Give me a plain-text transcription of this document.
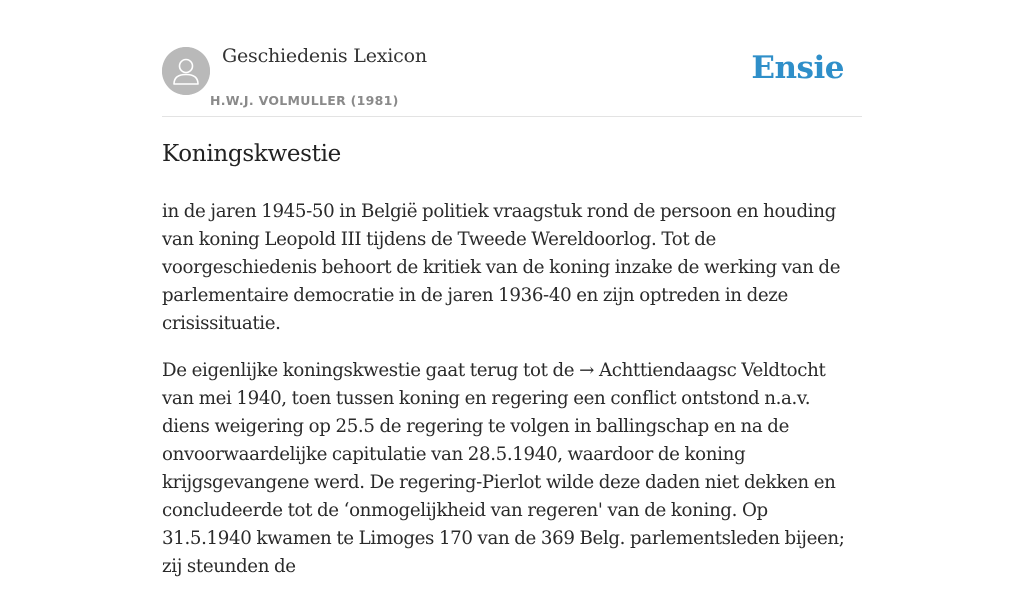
Geschiedenis Lexicon
H.W.J. VOLMULLER (1981)
Ensie
Koningskwestie

in de jaren 1945-50 in België politiek vraagstuk rond de persoon en houding van koning Leopold III tijdens de Tweede Wereldoorlog. Tot de voorgeschiedenis behoort de kritiek van de koning inzake de werking van de parlementaire democratie in de jaren 1936-40 en zijn optreden in deze crisissituatie.

De eigenlijke koningskwestie gaat terug tot de → Achttiendaagsc Veldtocht van mei 1940, toen tussen koning en regering een conflict ontstond n.a.v. diens weigering op 25.5 de regering te volgen in ballingschap en na de onvoorwaardelijke capitulatie van 28.5.1940, waardoor de koning krijgsgevangene werd. De regering-Pierlot wilde deze daden niet dekken en concludeerde tot de ‘onmogelijkheid van regeren' van de koning. Op 31.5.1940 kwamen te Limoges 170 van de 369 Belg. parlementsleden bijeen; zij steunden de
